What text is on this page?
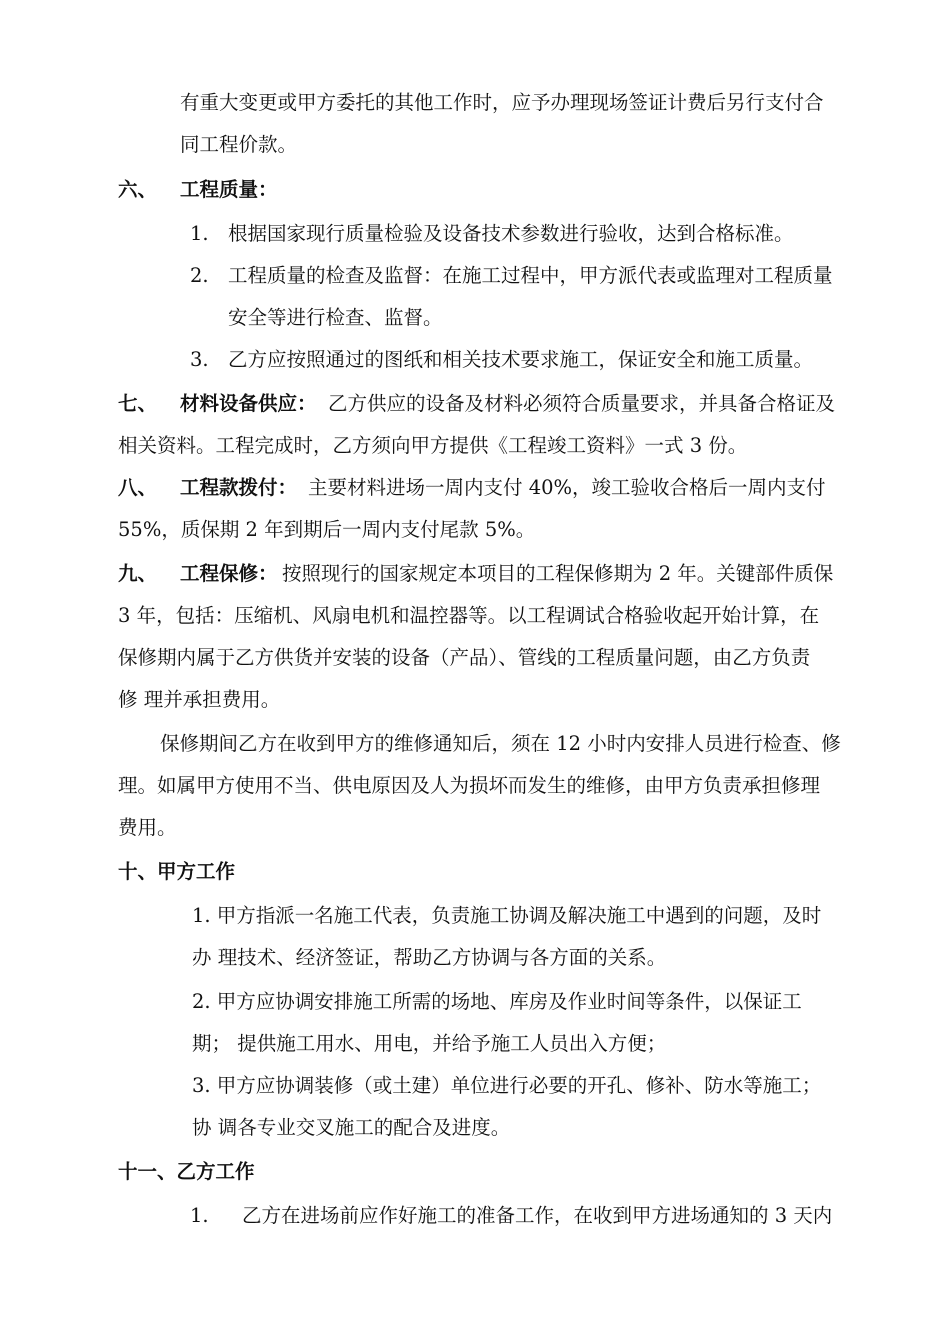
有重大变更或甲方委托的其他工作时，应予办理现场签证计费后另行支付合
同工程价款。
六、 工程质量：
1. 根据国家现行质量检验及设备技术参数进行验收，达到合格标准。
2. 工程质量的检查及监督：在施工过程中，甲方派代表或监理对工程质量
安全等进行检查、监督。
3. 乙方应按照通过的图纸和相关技术要求施工，保证安全和施工质量。
七、 材料设备供应： 乙方供应的设备及材料必须符合质量要求，并具备合格证及
相关资料。工程完成时，乙方须向甲方提供《工程竣工资料》一式 3 份。
八、 工程款拨付： 主要材料进场一周内支付 40%，竣工验收合格后一周内支付
55%，质保期 2 年到期后一周内支付尾款 5%。
九、 工程保修： 按照现行的国家规定本项目的工程保修期为 2 年。关键部件质保
3 年，包括：压缩机、风扇电机和温控器等。以工程调试合格验收起开始计算，在
保修期内属于乙方供货并安装的设备（产品）、管线的工程质量问题，由乙方负责
修 理并承担费用。
保修期间乙方在收到甲方的维修通知后，须在 12 小时内安排人员进行检查、修
理。如属甲方使用不当、供电原因及人为损坏而发生的维修，由甲方负责承担修理
费用。
十、甲方工作
1. 甲方指派一名施工代表，负责施工协调及解决施工中遇到的问题，及时
办 理技术、经济签证，帮助乙方协调与各方面的关系。
2. 甲方应协调安排施工所需的场地、库房及作业时间等条件，以保证工
期； 提供施工用水、用电，并给予施工人员出入方便；
3. 甲方应协调装修（或土建）单位进行必要的开孔、修补、防水等施工；
协 调各专业交叉施工的配合及进度。
十一、乙方工作
1. 乙方在进场前应作好施工的准备工作，在收到甲方进场通知的 3 天内
